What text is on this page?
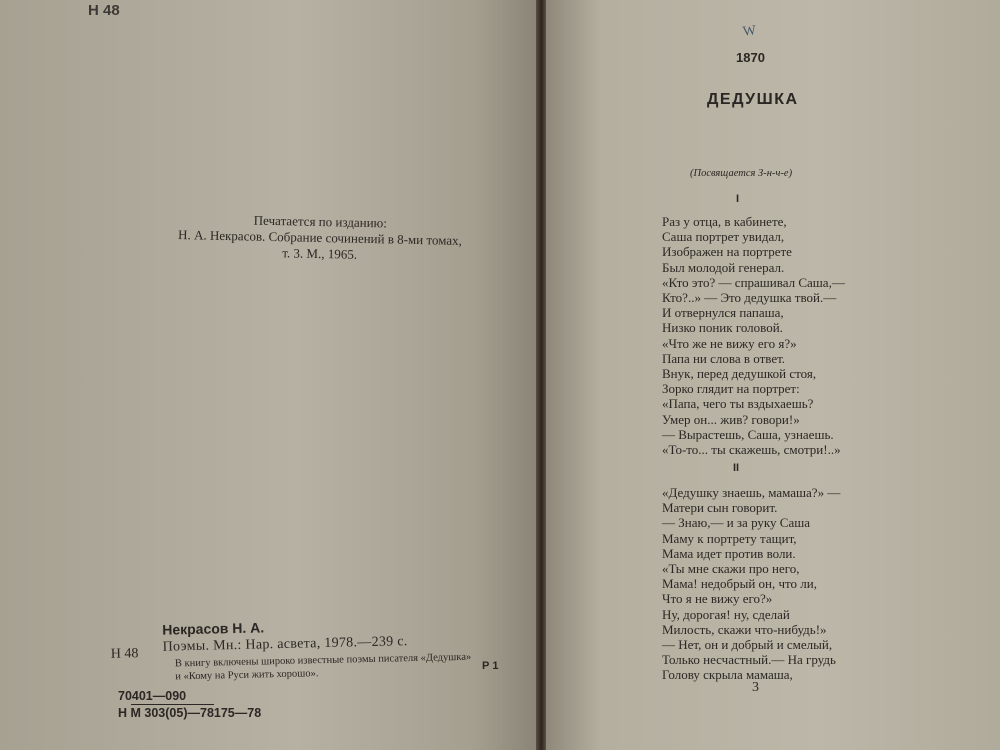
Н 48
Печатается по изданию:
Н. А. Некрасов. Собрание сочинений в 8-ми томах,
т. 3. М., 1965.
Некрасов Н. А.
Н 48 Поэмы. Мн.: Нар. асвета, 1978.—239 с.
В книгу включены широко известные поэмы писателя «Дедушка»
и «Кому на Руси жить хорошо».
Р 1
70401—090
Н М 303(05)—78175—78
W
1870
ДЕДУШКА
(Посвящается З-н-ч-е)
I
Раз у отца, в кабинете,
Саша портрет увидал,
Изображен на портрете
Был молодой генерал.
«Кто это? — спрашивал Саша,—
Кто?..» — Это дедушка твой.—
И отвернулся папаша,
Низко поник головой.
«Что же не вижу его я?»
Папа ни слова в ответ.
Внук, перед дедушкой стоя,
Зорко глядит на портрет:
«Папа, чего ты вздыхаешь?
Умер он... жив? говори!»
— Вырастешь, Саша, узнаешь.
«То-то... ты скажешь, смотри!..»
II
«Дедушку знаешь, мамаша?» —
Матери сын говорит.
— Знаю,— и за руку Саша
Маму к портрету тащит,
Мама идет против воли.
«Ты мне скажи про него,
Мама! недобрый он, что ли,
Что я не вижу его?»
Ну, дорогая! ну, сделай
Милость, скажи что-нибудь!»
— Нет, он и добрый и смелый,
Только несчастный.— На грудь
Голову скрыла мамаша,
3
